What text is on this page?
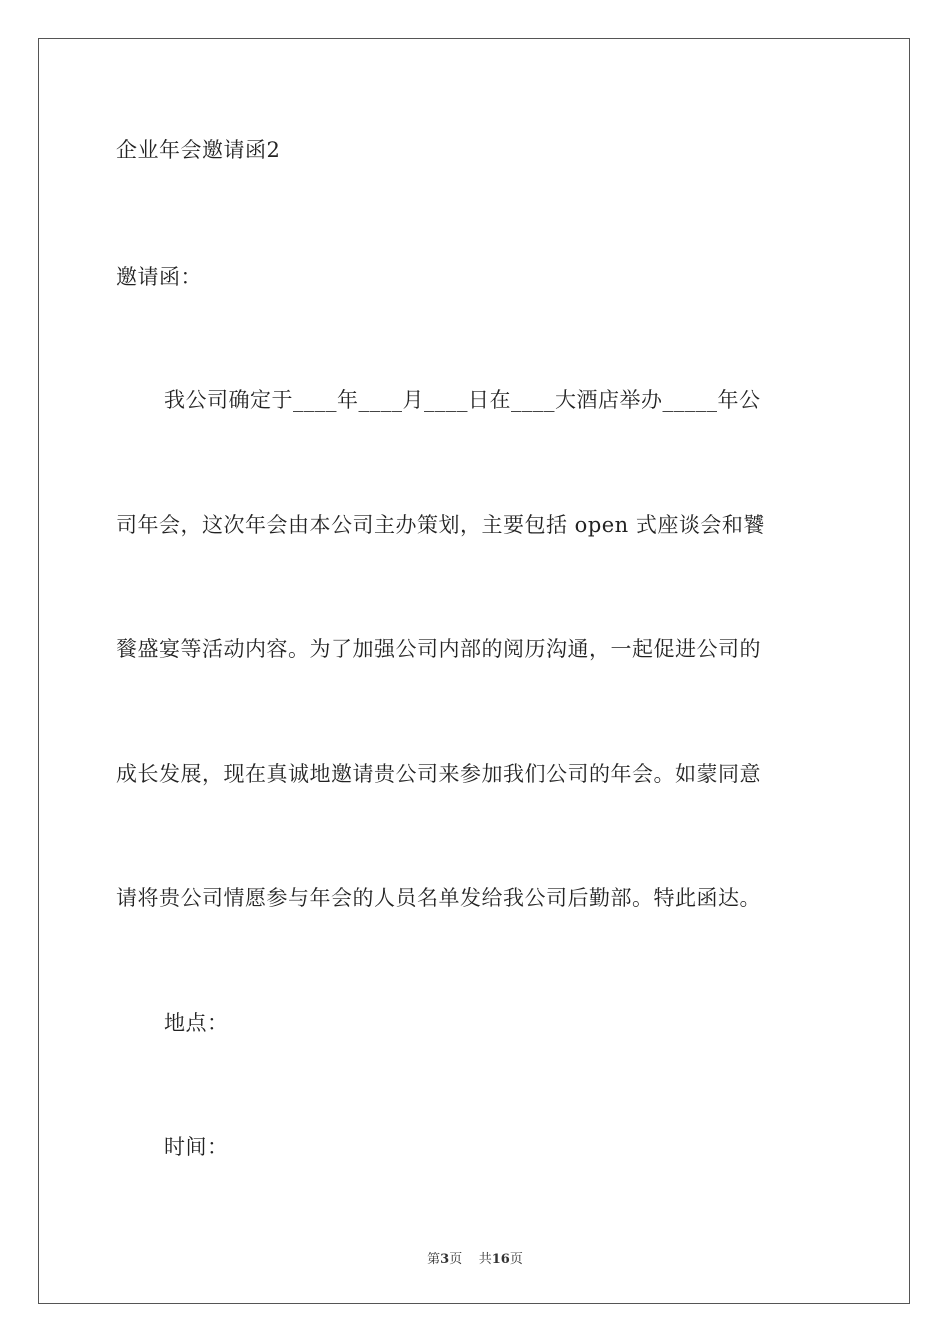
企业年会邀请函2
邀请函：
我公司确定于____年____月____日在____大酒店举办_____年公
司年会，这次年会由本公司主办策划，主要包括 open 式座谈会和饕
餮盛宴等活动内容。为了加强公司内部的阅历沟通，一起促进公司的
成长发展，现在真诚地邀请贵公司来参加我们公司的年会。如蒙同意
请将贵公司情愿参与年会的人员名单发给我公司后勤部。特此函达。
地点：
时间：
第3页 共16页
